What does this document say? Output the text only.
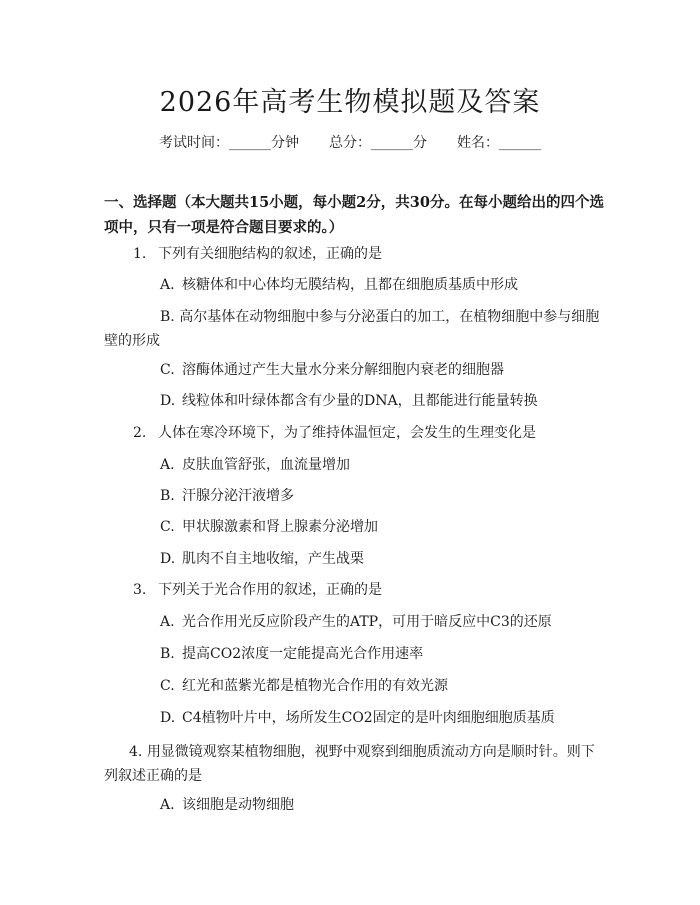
2026年高考生物模拟题及答案
考试时间：______分钟 总分：______分 姓名：______
一、选择题（本大题共15小题，每小题2分，共30分。在每小题给出的四个选项中，只有一项是符合题目要求的。）
1. 下列有关细胞结构的叙述，正确的是
A. 核糖体和中心体均无膜结构，且都在细胞质基质中形成
B. 高尔基体在动物细胞中参与分泌蛋白的加工，在植物细胞中参与细胞壁的形成
C. 溶酶体通过产生大量水分来分解细胞内衰老的细胞器
D. 线粒体和叶绿体都含有少量的DNA，且都能进行能量转换
2. 人体在寒冷环境下，为了维持体温恒定，会发生的生理变化是
A. 皮肤血管舒张，血流量增加
B. 汗腺分泌汗液增多
C. 甲状腺激素和肾上腺素分泌增加
D. 肌肉不自主地收缩，产生战栗
3. 下列关于光合作用的叙述，正确的是
A. 光合作用光反应阶段产生的ATP，可用于暗反应中C3的还原
B. 提高CO2浓度一定能提高光合作用速率
C. 红光和蓝紫光都是植物光合作用的有效光源
D. C4植物叶片中，场所发生CO2固定的是叶肉细胞细胞质基质
4. 用显微镜观察某植物细胞，视野中观察到细胞质流动方向是顺时针。则下列叙述正确的是
A. 该细胞是动物细胞
